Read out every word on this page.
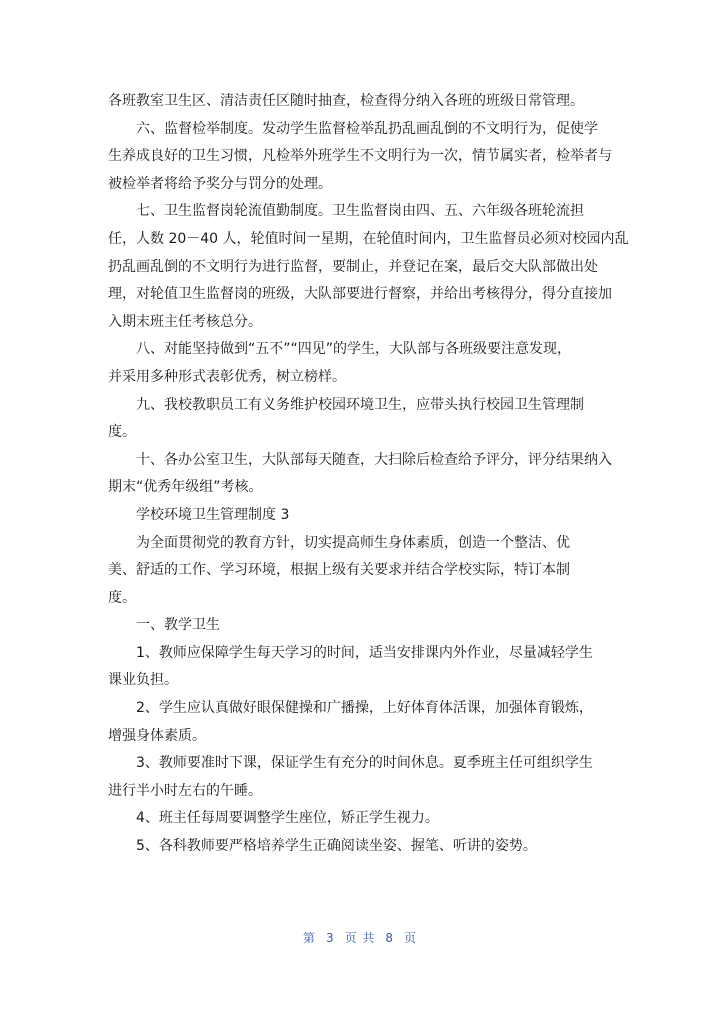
各班教室卫生区、清洁责任区随时抽查，检查得分纳入各班的班级日常管理。

六、监督检举制度。发动学生监督检举乱扔乱画乱倒的不文明行为，促使学
生养成良好的卫生习惯，凡检举外班学生不文明行为一次，情节属实者，检举者与
被检举者将给予奖分与罚分的处理。

七、卫生监督岗轮流值勤制度。卫生监督岗由四、五、六年级各班轮流担
任，人数 20－40 人，轮值时间一星期，在轮值时间内，卫生监督员必须对校园内乱
扔乱画乱倒的不文明行为进行监督，要制止，并登记在案，最后交大队部做出处
理，对轮值卫生监督岗的班级，大队部要进行督察，并给出考核得分，得分直接加
入期末班主任考核总分。

八、对能坚持做到“五不”“四见”的学生，大队部与各班级要注意发现，
并采用多种形式表彰优秀，树立榜样。

九、我校教职员工有义务维护校园环境卫生，应带头执行校园卫生管理制
度。

十、各办公室卫生，大队部每天随查，大扫除后检查给予评分，评分结果纳入
期末“优秀年级组”考核。

学校环境卫生管理制度 3

为全面贯彻党的教育方针，切实提高师生身体素质，创造一个整洁、优
美、舒适的工作、学习环境，根据上级有关要求并结合学校实际，特订本制
度。

一、教学卫生

1、教师应保障学生每天学习的时间，适当安排课内外作业，尽量减轻学生
课业负担。

2、学生应认真做好眼保健操和广播操，上好体育体活课，加强体育锻炼，
增强身体素质。

3、教师要准时下课，保证学生有充分的时间休息。夏季班主任可组织学生
进行半小时左右的午睡。

4、班主任每周要调整学生座位，矫正学生视力。

5、各科教师要严格培养学生正确阅读坐姿、握笔、听讲的姿势。

第 3 页 共 8 页
